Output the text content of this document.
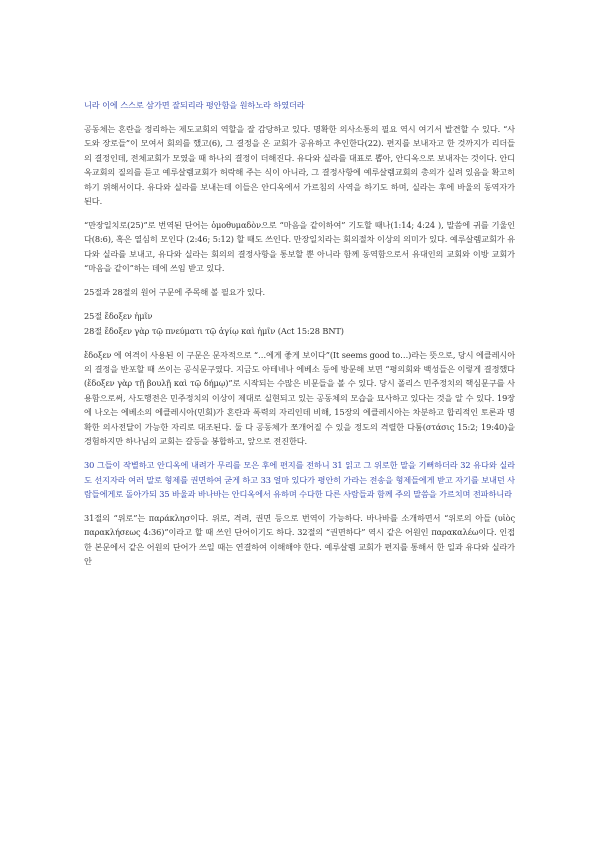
니라 이에 스스로 삼가면 잘되리라 평안함을 원하노라 하였더라

공동체는 혼란을 정리하는 제도교회의 역할을 잘 감당하고 있다. 명확한 의사소통의 필요 역시 여기서 발견할 수 있다. “사도와 장로들”이 모여서 회의를 했고(6), 그 결정을 온 교회가 공유하고 추인한다(22). 편지를 보내자고 한 것까지가 리더들의 결정인데, 전체교회가 모였을 때 하나의 결정이 더해진다. 유다와 실라를 대표로 뽑아, 안디옥으로 보내자는 것이다. 안디옥교회의 질의를 듣고 예루살렘교회가 허락해 주는 식이 아니라, 그 결정사항에 예루살렘교회의 총의가 실려 있음을 확고히 하기 위해서이다. 유다와 실라를 보내는데 이들은 안디옥에서 가르침의 사역을 하기도 하며, 실라는 후에 바울의 동역자가 된다.

“만장일치로(25)”로 번역된 단어는 ὁμοθυμαδὸν으로 “마음을 같이하여” 기도할 때나(1:14; 4:24 ), 말씀에 귀를 기울인다(8:6), 혹은 열심히 모인다 (2:46; 5:12) 할 때도 쓰인다. 만장일치라는 회의절차 이상의 의미가 있다. 예루살렘교회가 유다와 실라를 보내고, 유다와 실라는 회의의 결정사항을 통보할 뿐 아니라 함께 동역함으로서 유대인의 교회와 이방 교회가 “마음을 같이”하는 데에 쓰임 받고 있다.

25절과 28절의 원어 구문에 주목해 볼 필요가 있다.

25절 ἔδοξεν ἡμῖν

28절 ἔδοξεν γὰρ τῷ πνεύματι τῷ ἁγίῳ καὶ ἡμῖν (Act 15:28 BNT)

ἔδοξεν 에 여격이 사용된 이 구문은 문자적으로 “…에게 좋게 보이다”(It seems good to…)라는 뜻으로, 당시 에클레시아의 결정을 반포할 때 쓰이는 공식문구였다. 지금도 아테네나 에베소 등에 방문해 보면 “평의회와 백성들은 이렇게 결정했다 (ἔδοξεν γὰρ τῇ βουλῇ καὶ τῷ δήμῳ)”로 시작되는 수많은 비문들을 볼 수 있다. 당시 폴리스 민주정치의 핵심문구를 사용함으로써, 사도행전은 민주정치의 이상이 제대로 실현되고 있는 공동체의 모습을 묘사하고 있다는 것을 알 수 있다. 19장에 나오는 에베소의 에클레시아(민회)가 혼란과 폭력의 자리인데 비해, 15장의 에클레시아는 차분하고 합리적인 토론과 명확한 의사전달이 가능한 자리로 대조된다. 둘 다 공동체가 쪼개어질 수 있을 정도의 격렬한 다툼(στάσις 15:2; 19:40)을 경험하지만 하나님의 교회는 갈등을 봉합하고, 앞으로 전진한다.

30 그들이 작별하고 안디옥에 내려가 무리를 모은 후에 편지를 전하니 31 읽고 그 위로한 말을 기뻐하더라 32 유다와 실라도 선지자라 여러 말로 형제를 권면하여 굳게 하고 33 얼마 있다가 평안히 가라는 전송을 형제들에게 받고 자기를 보내던 사람들에게로 돌아가되 35 바울과 바나바는 안디옥에서 유하며 수다한 다른 사람들과 함께 주의 말씀을 가르치며 전파하니라

31절의 “위로”는 παράκλησ이다. 위로, 격려, 권면 등으로 번역이 가능하다. 바나바를 소개하면서 “위로의 아들 (υἱὸς παρακλήσεως 4:36)”이라고 할 때 쓰인 단어이기도 하다. 32절의 “권면하다” 역시 같은 어원인 παρακαλέω이다. 인접한 본문에서 같은 어원의 단어가 쓰일 때는 연결하여 이해해야 한다. 예루살렘 교회가 편지를 통해서 한 일과 유다와 실라가 안
